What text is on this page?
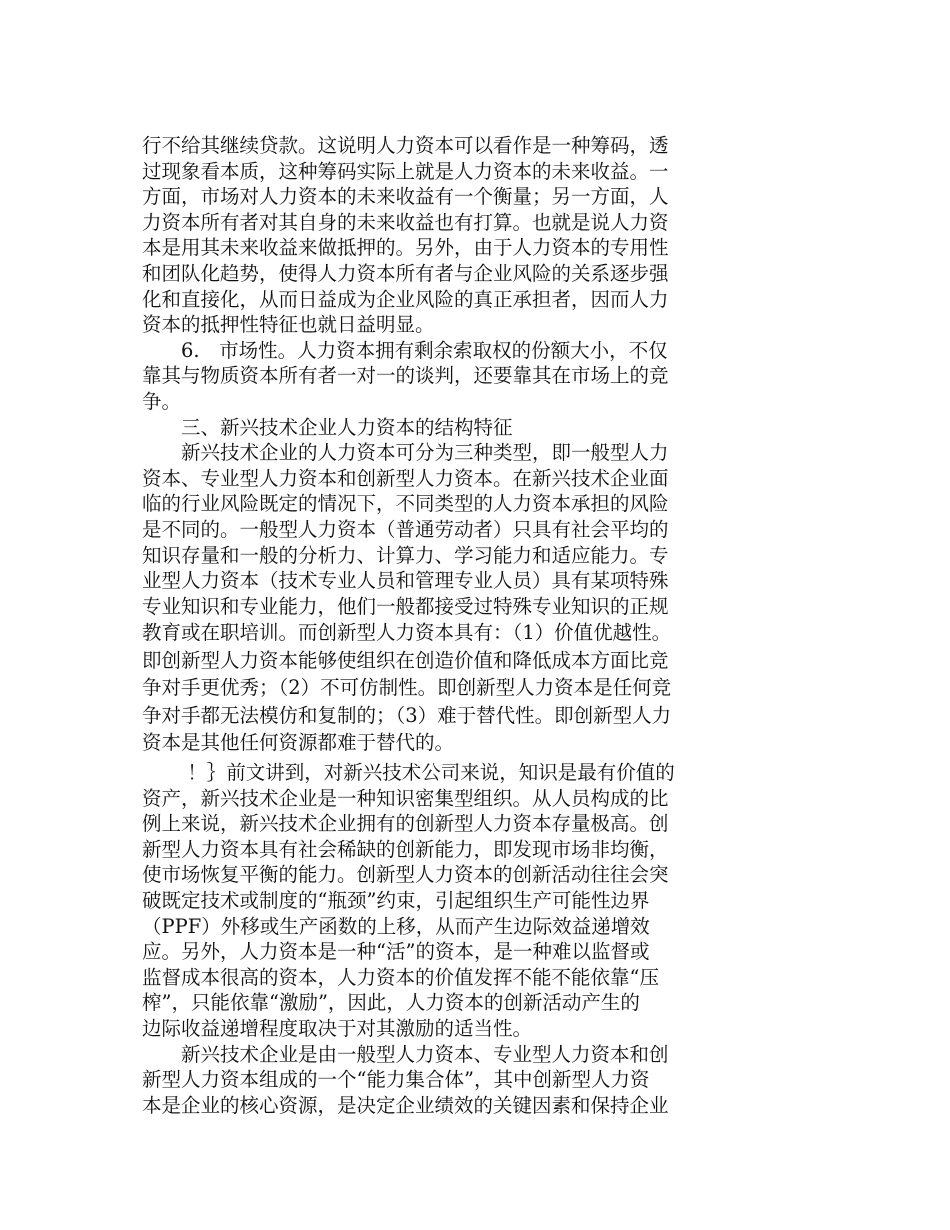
行不给其继续贷款。这说明人力资本可以看作是一种筹码，透
过现象看本质，这种筹码实际上就是人力资本的未来收益。一
方面，市场对人力资本的未来收益有一个衡量；另一方面，人
力资本所有者对其自身的未来收益也有打算。也就是说人力资
本是用其未来收益来做抵押的。另外，由于人力资本的专用性
和团队化趋势，使得人力资本所有者与企业风险的关系逐步强
化和直接化，从而日益成为企业风险的真正承担者，因而人力
资本的抵押性特征也就日益明显。
　　6.　市场性。人力资本拥有剩余索取权的份额大小，不仅
靠其与物质资本所有者一对一的谈判，还要靠其在市场上的竞
争。
　　三、新兴技术企业人力资本的结构特征
　　新兴技术企业的人力资本可分为三种类型，即一般型人力
资本、专业型人力资本和创新型人力资本。在新兴技术企业面
临的行业风险既定的情况下，不同类型的人力资本承担的风险
是不同的。一般型人力资本（普通劳动者）只具有社会平均的
知识存量和一般的分析力、计算力、学习能力和适应能力。专
业型人力资本（技术专业人员和管理专业人员）具有某项特殊
专业知识和专业能力，他们一般都接受过特殊专业知识的正规
教育或在职培训。而创新型人力资本具有：（1）价值优越性。
即创新型人力资本能够使组织在创造价值和降低成本方面比竞
争对手更优秀；（2）不可仿制性。即创新型人力资本是任何竞
争对手都无法模仿和复制的；（3）难于替代性。即创新型人力
资本是其他任何资源都难于替代的。
　　 ！｝前文讲到，对新兴技术公司来说，知识是最有价值的
资产，新兴技术企业是一种知识密集型组织。从人员构成的比
例上来说，新兴技术企业拥有的创新型人力资本存量极高。创
新型人力资本具有社会稀缺的创新能力，即发现市场非均衡，
使市场恢复平衡的能力。创新型人力资本的创新活动往往会突
破既定技术或制度的“瓶颈”约束，引起组织生产可能性边界
（PPF）外移或生产函数的上移，从而产生边际效益递增效
应。另外，人力资本是一种“活”的资本，是一种难以监督或
监督成本很高的资本，人力资本的价值发挥不能不能依靠“压
榨”，只能依靠“激励”，因此，人力资本的创新活动产生的
边际收益递增程度取决于对其激励的适当性。
　　新兴技术企业是由一般型人力资本、专业型人力资本和创
新型人力资本组成的一个“能力集合体”，其中创新型人力资
本是企业的核心资源，是决定企业绩效的关键因素和保持企业
